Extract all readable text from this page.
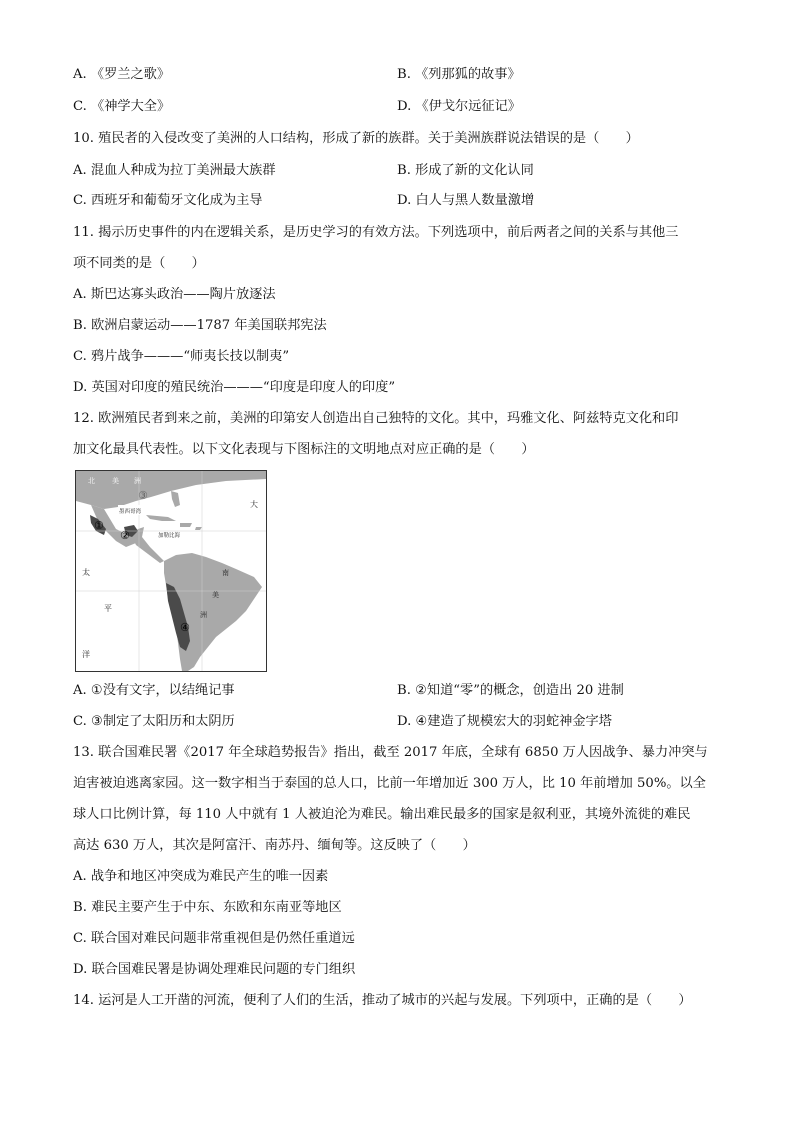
A. 《罗兰之歌》	B. 《列那狐的故事》
C. 《神学大全》	D. 《伊戈尔远征记》
10. 殖民者的入侵改变了美洲的人口结构，形成了新的族群。关于美洲族群说法错误的是（　　）
A. 混血人种成为拉丁美洲最大族群	B. 形成了新的文化认同
C. 西班牙和葡萄牙文化成为主导	D. 白人与黑人数量激增
11. 揭示历史事件的内在逻辑关系，是历史学习的有效方法。下列选项中，前后两者之间的关系与其他三
项不同类的是（　　）
A. 斯巴达寡头政治——陶片放逐法
B. 欧洲启蒙运动——1787 年美国联邦宪法
C. 鸦片战争———“师夷长技以制夷”
D. 英国对印度的殖民统治———“印度是印度人的印度”
12. 欧洲殖民者到来之前，美洲的印第安人创造出自己独特的文化。其中，玛雅文化、阿兹特克文化和印
加文化最具代表性。以下文化表现与下图标注的文明地点对应正确的是（　　）
北 美 洲
墨西哥湾
加勒比海
太
平
洋
大
南
美
洲
①
②
③
④
A. ①没有文字，以结绳记事	B. ②知道“零”的概念，创造出 20 进制
C. ③制定了太阳历和太阴历	D. ④建造了规模宏大的羽蛇神金字塔
13. 联合国难民署《2017 年全球趋势报告》指出，截至 2017 年底，全球有 6850 万人因战争、暴力冲突与
迫害被迫逃离家园。这一数字相当于泰国的总人口，比前一年增加近 300 万人，比 10 年前增加 50%。以全
球人口比例计算，每 110 人中就有 1 人被迫沦为难民。输出难民最多的国家是叙利亚，其境外流徙的难民
高达 630 万人，其次是阿富汗、南苏丹、缅甸等。这反映了（　　）
A. 战争和地区冲突成为难民产生的唯一因素
B. 难民主要产生于中东、东欧和东南亚等地区
C. 联合国对难民问题非常重视但是仍然任重道远
D. 联合国难民署是协调处理难民问题的专门组织
14. 运河是人工开凿的河流，便利了人们的生活，推动了城市的兴起与发展。下列项中，正确的是（　　）
